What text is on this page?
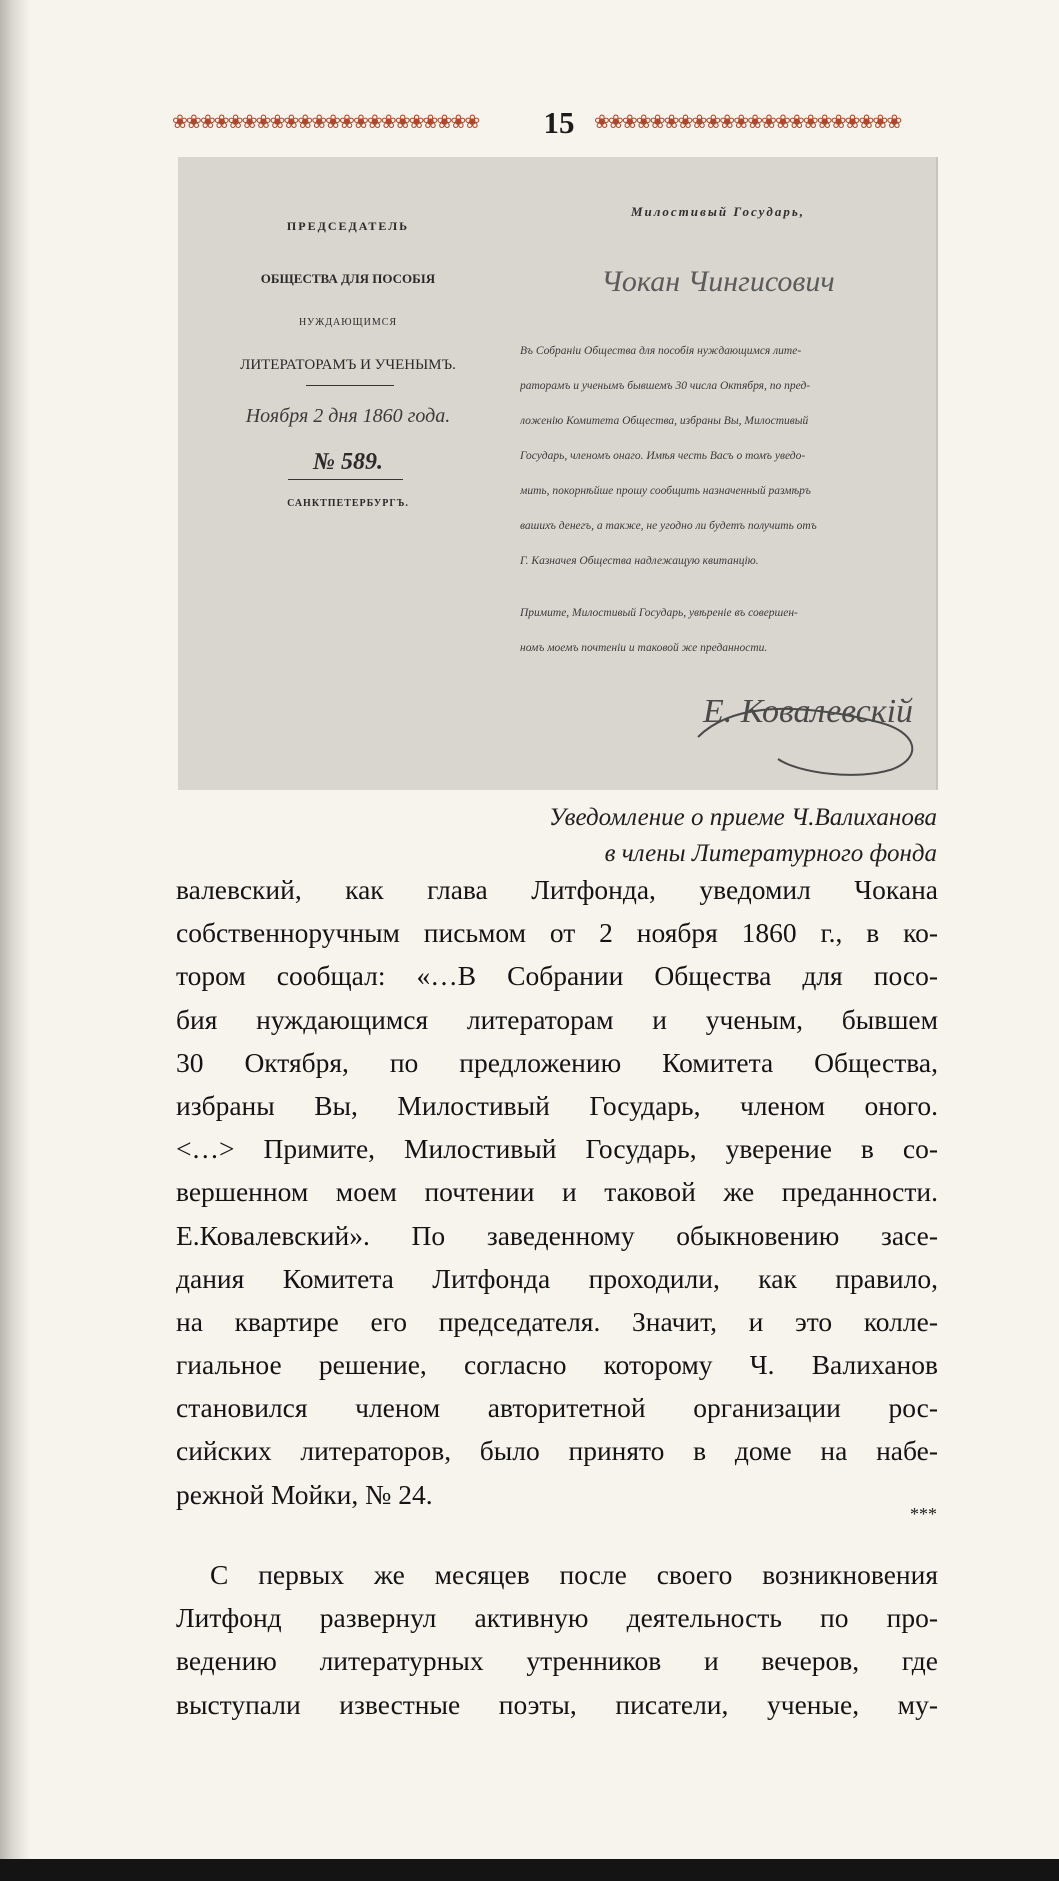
❀❀❀❀❀❀❀❀❀❀❀❀❀❀❀❀❀❀❀❀❀❀	15	❀❀❀❀❀❀❀❀❀❀❀❀❀❀❀❀❀❀❀❀❀❀
ПРЕДСЕДАТЕЛЬ
ОБЩЕСТВА ДЛЯ ПОСОБІЯ
НУЖДАЮЩИМСЯ
ЛИТЕРАТОРАМЪ И УЧЕНЫМЪ.
Ноября 2 дня 1860 года.
№ 589.
САНКТПЕТЕРБУРГЪ.
Милостивый Государь,
Чокан Чингисович
Въ Собраніи Общества для пособія нуждающимся лите-
раторамъ и ученымъ бывшемъ 30 числа Октября, по пред-
ложенію Комитета Общества, избраны Вы, Милостивый
Государь, членомъ онаго. Имѣя честь Васъ о томъ уведо-
мить, покорнѣйше прошу сообщить назначенный размѣръ
вашихъ денегъ, а также, не угодно ли будетъ получить отъ
Г. Казначея Общества надлежащую квитанцію.
Примите, Милостивый Государь, увѣреніе въ совершен-
номъ моемъ почтеніи и таковой же преданности.
Е. Ковалевскій
Уведомление о приеме Ч.Валиханова
в члены Литературного фонда
валевский, как глава Литфонда, уведомил Чокана
собственноручным письмом от 2 ноября 1860 г., в ко-
тором сообщал: «…В Собрании Общества для посо-
бия нуждающимся литераторам и ученым, бывшем
30 Октября, по предложению Комитета Общества,
избраны Вы, Милостивый Государь, членом оного.
<…> Примите, Милостивый Государь, уверение в со-
вершенном моем почтении и таковой же преданности.
Е.Ковалевский». По заведенному обыкновению засе-
дания Комитета Литфонда проходили, как правило,
на квартире его председателя. Значит, и это колле-
гиальное решение, согласно которому Ч. Валиханов
становился членом авторитетной организации рос-
сийских литераторов, было принято в доме на набе-
режной Мойки, № 24.
***
С первых же месяцев после своего возникновения
Литфонд развернул активную деятельность по про-
ведению литературных утренников и вечеров, где
выступали известные поэты, писатели, ученые, му-
